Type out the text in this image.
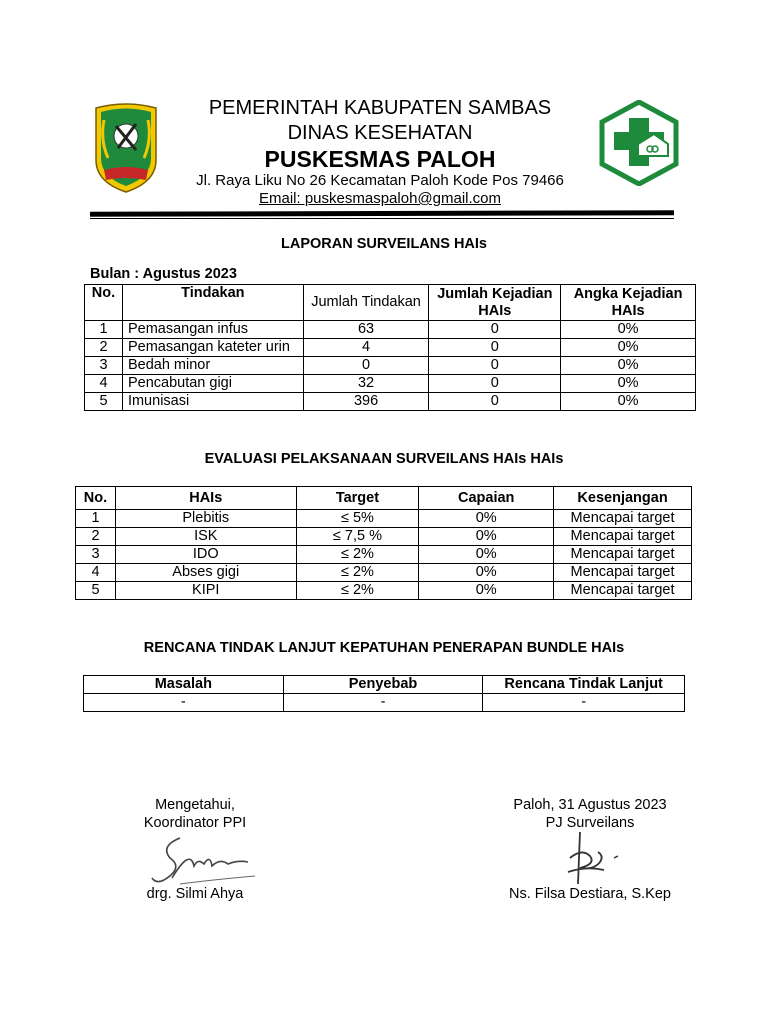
PEMERINTAH KABUPATEN SAMBAS
DINAS KESEHATAN
PUSKESMAS PALOH
Jl. Raya Liku No 26 Kecamatan Paloh Kode Pos 79466
Email: puskesmaspaloh@gmail.com
LAPORAN SURVEILANS HAIs
Bulan : Agustus 2023
No.	Tindakan	Jumlah Tindakan	Jumlah Kejadian HAIs	Angka Kejadian HAIs
1	Pemasangan infus	63	0	0%
2	Pemasangan kateter urin	4	0	0%
3	Bedah minor	0	0	0%
4	Pencabutan gigi	32	0	0%
5	Imunisasi	396	0	0%
EVALUASI PELAKSANAAN SURVEILANS HAIs HAIs
No.	HAIs	Target	Capaian	Kesenjangan
1	Plebitis	≤ 5%	0%	Mencapai target
2	ISK	≤ 7,5 %	0%	Mencapai target
3	IDO	≤ 2%	0%	Mencapai target
4	Abses gigi	≤ 2%	0%	Mencapai target
5	KIPI	≤ 2%	0%	Mencapai target
RENCANA TINDAK LANJUT KEPATUHAN PENERAPAN BUNDLE HAIs
Masalah	Penyebab	Rencana Tindak Lanjut
-	-	-
Mengetahui,
Koordinator PPI
drg. Silmi Ahya
Paloh, 31 Agustus 2023
PJ Surveilans
Ns. Filsa Destiara, S.Kep
